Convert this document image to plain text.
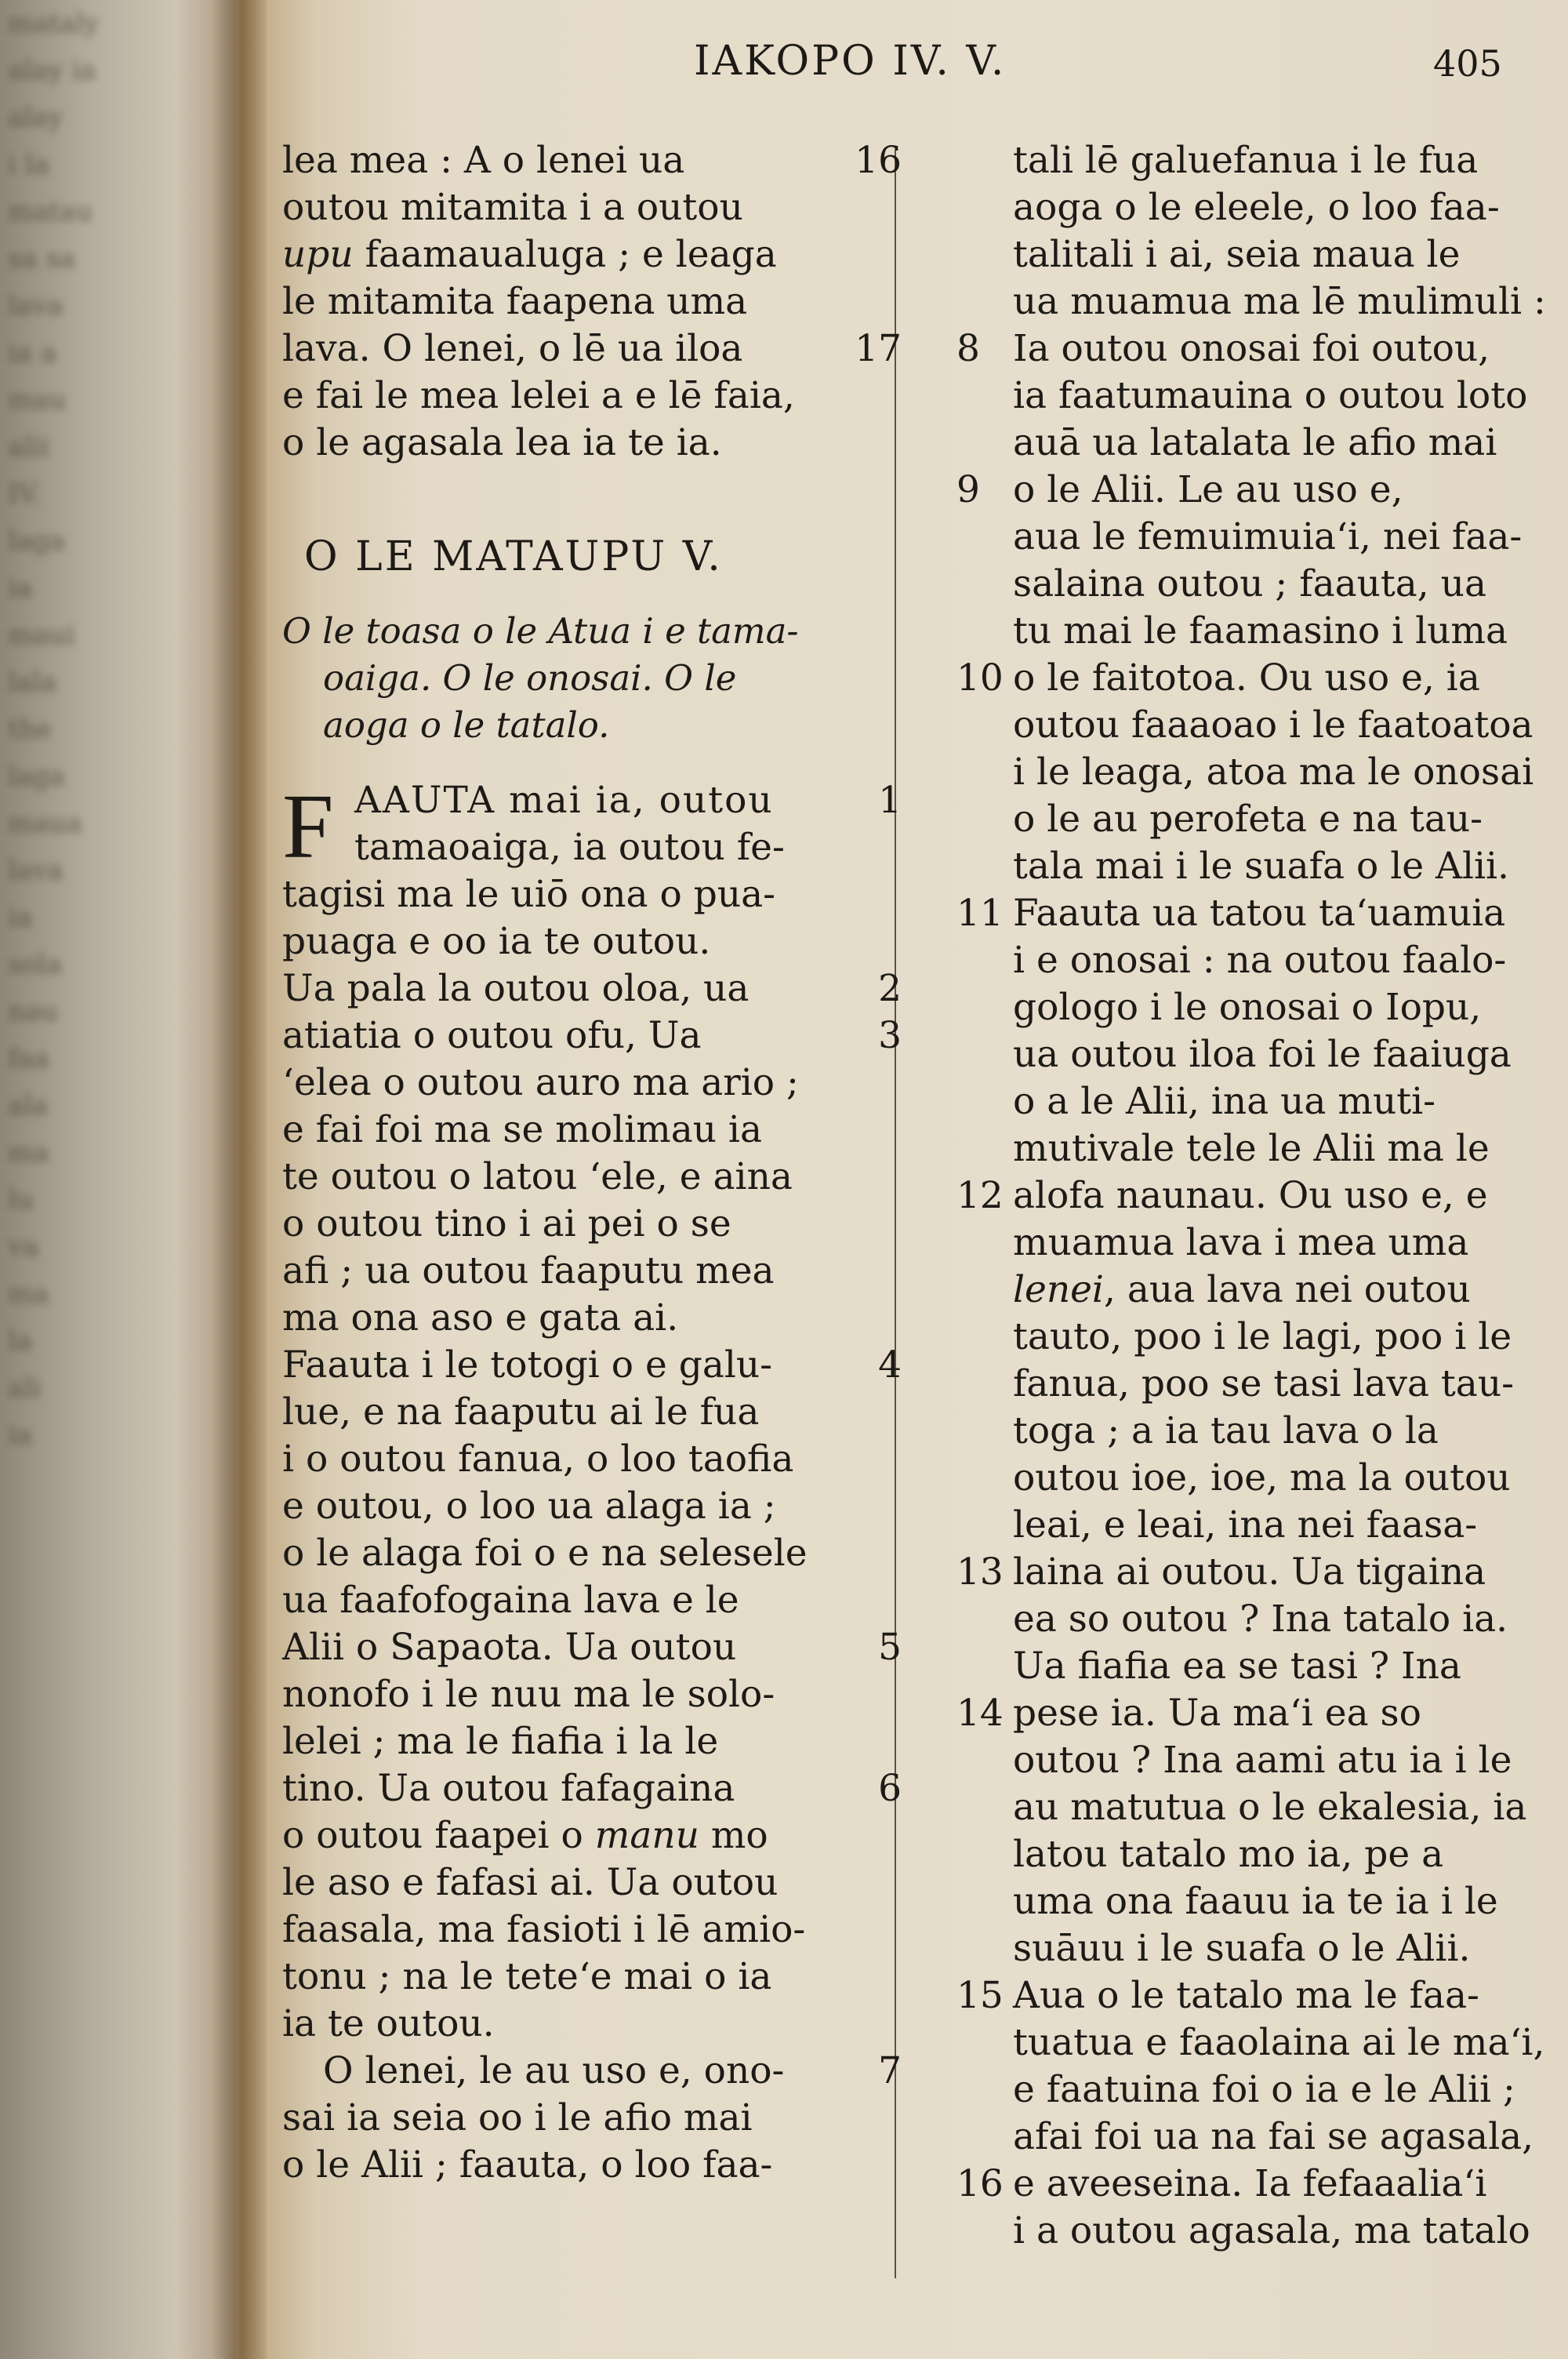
mataly
alay ia
alay
i la
matau
sa sa
lava
ia a
mau
alii
IV.
laga
ia
maui
lala
the
laga
maua
lava
ia
sola
nau
faa
ala
ma
lu
va
ma
la
ali
ia
IAKOPO IV. V.	405
lea mea : A o lenei ua	16
outou mitamita i a outou
upu faamaualuga ; e leaga
le mitamita faapena uma
lava. O lenei, o lē ua iloa	17
e fai le mea lelei a e lē faia,
o le agasala lea ia te ia.
O LE MATAUPU V.
O le toasa o le Atua i e tama-
oaiga. O le onosai. O le
aoga o le tatalo.
F AAUTA mai ia, outou	1
tamaoaiga, ia outou fe-
tagisi ma le uiō ona o pua-
puaga e oo ia te outou.
Ua pala la outou oloa, ua	2
atiatia o outou ofu, Ua	3
‘elea o outou auro ma ario ;
e fai foi ma se molimau ia
te outou o latou ‘ele, e aina
o outou tino i ai pei o se
afi ; ua outou faaputu mea
ma ona aso e gata ai.
Faauta i le totogi o e galu-	4
lue, e na faaputu ai le fua
i o outou fanua, o loo taofia
e outou, o loo ua alaga ia ;
o le alaga foi o e na selesele
ua faafofogaina lava e le
Alii o Sapaota. Ua outou	5
nonofo i le nuu ma le solo-
lelei ; ma le fiafia i la le
tino. Ua outou fafagaina	6
o outou faapei o manu mo
le aso e fafasi ai. Ua outou
faasala, ma fasioti i lē amio-
tonu ; na le tete‘e mai o ia
ia te outou.
O lenei, le au uso e, ono-	7
sai ia seia oo i le afio mai
o le Alii ; faauta, o loo faa-
tali lē galuefanua i le fua
aoga o le eleele, o loo faa-
talitali i ai, seia maua le
ua muamua ma lē mulimuli :
8 Ia outou onosai foi outou,
ia faatumauina o outou loto
auā ua latalata le afio mai
9 o le Alii. Le au uso e,
aua le femuimuia‘i, nei faa-
salaina outou ; faauta, ua
tu mai le faamasino i luma
10 o le faitotoa. Ou uso e, ia
outou faaaoao i le faatoatoa
i le leaga, atoa ma le onosai
o le au perofeta e na tau-
tala mai i le suafa o le Alii.
11 Faauta ua tatou ta‘uamuia
i e onosai : na outou faalo-
gologo i le onosai o Iopu,
ua outou iloa foi le faaiuga
o a le Alii, ina ua muti-
mutivale tele le Alii ma le
12 alofa naunau. Ou uso e, e
muamua lava i mea uma
lenei, aua lava nei outou
tauto, poo i le lagi, poo i le
fanua, poo se tasi lava tau-
toga ; a ia tau lava o la
outou ioe, ioe, ma la outou
leai, e leai, ina nei faasa-
13 laina ai outou. Ua tigaina
ea so outou ? Ina tatalo ia.
Ua fiafia ea se tasi ? Ina
14 pese ia. Ua ma‘i ea so
outou ? Ina aami atu ia i le
au matutua o le ekalesia, ia
latou tatalo mo ia, pe a
uma ona faauu ia te ia i le
suāuu i le suafa o le Alii.
15 Aua o le tatalo ma le faa-
tuatua e faaolaina ai le ma‘i,
e faatuina foi o ia e le Alii ;
afai foi ua na fai se agasala,
16 e aveeseina. Ia fefaaalia‘i
i a outou agasala, ma tatalo
